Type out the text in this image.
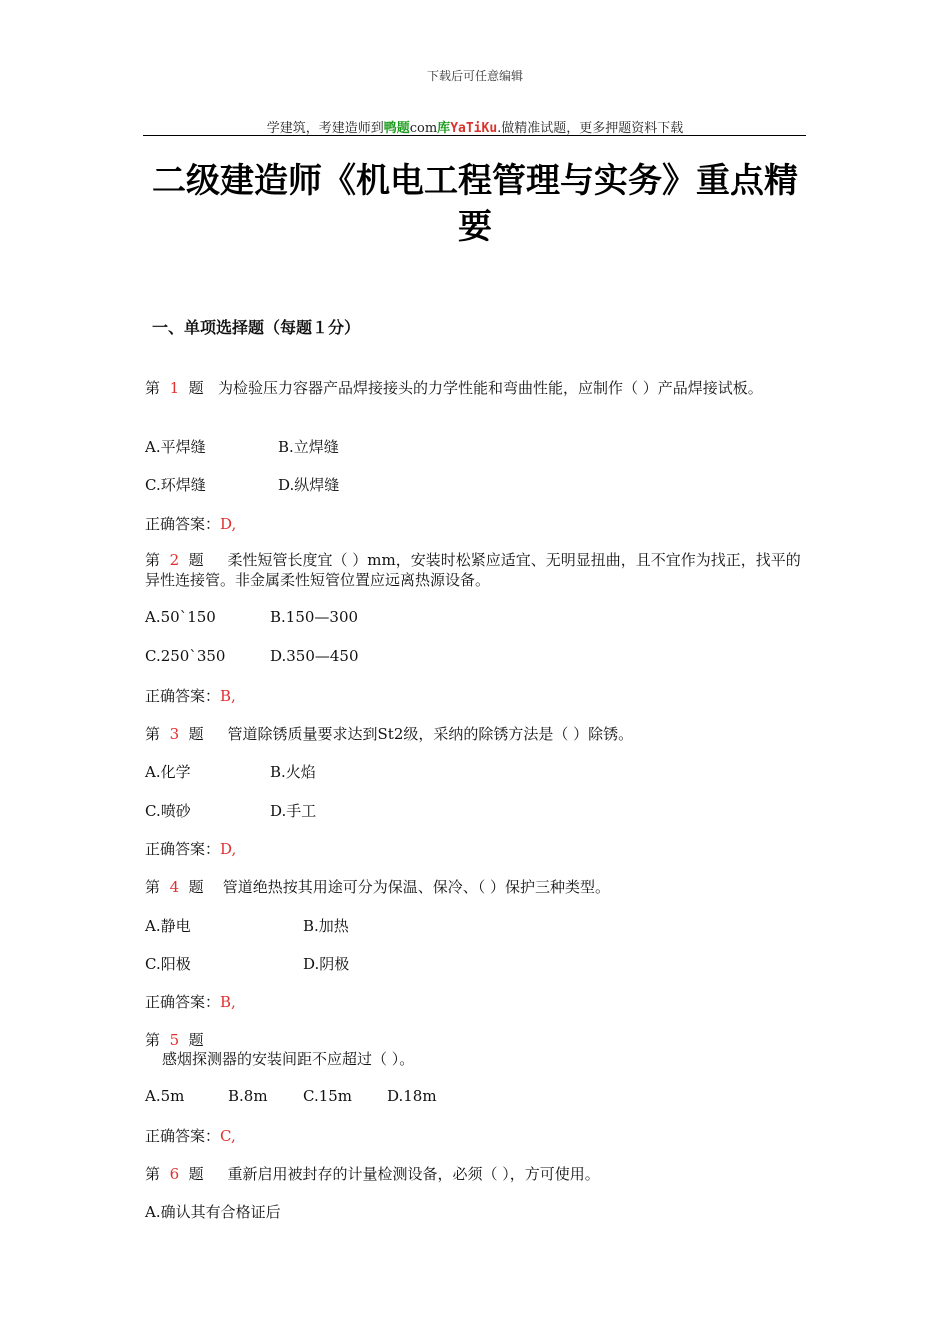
下载后可任意编辑
学建筑，考建造师到鸭题com库YaTiKu.做精准试题，更多押题资料下载
二级建造师《机电工程管理与实务》重点精要
一、单项选择题（每题１分）
第 1 题 为检验压力容器产品焊接接头的力学性能和弯曲性能，应制作（ ）产品焊接试板。
A.平焊缝	B.立焊缝
C.环焊缝	D.纵焊缝
正确答案：D,
第 2 题 柔性短管长度宜（ ）mm，安装时松紧应适宜、无明显扭曲，且不宜作为找正，找平的异性连接管。非金属柔性短管位置应远离热源设备。
A.50`150	B.150—300
C.250`350	D.350—450
正确答案：B,
第 3 题 管道除锈质量要求达到St2级，采纳的除锈方法是（ ）除锈。
A.化学	B.火焰
C.喷砂	D.手工
正确答案：D,
第 4 题 管道绝热按其用途可分为保温、保冷、（ ）保护三种类型。
A.静电	B.加热
C.阳极	D.阴极
正确答案：B,
第 5 题
感烟探测器的安装间距不应超过（ ）。
A.5m	B.8m C.15m D.18m
正确答案：C,
第 6 题 重新启用被封存的计量检测设备，必须（ ），方可使用。
A.确认其有合格证后
